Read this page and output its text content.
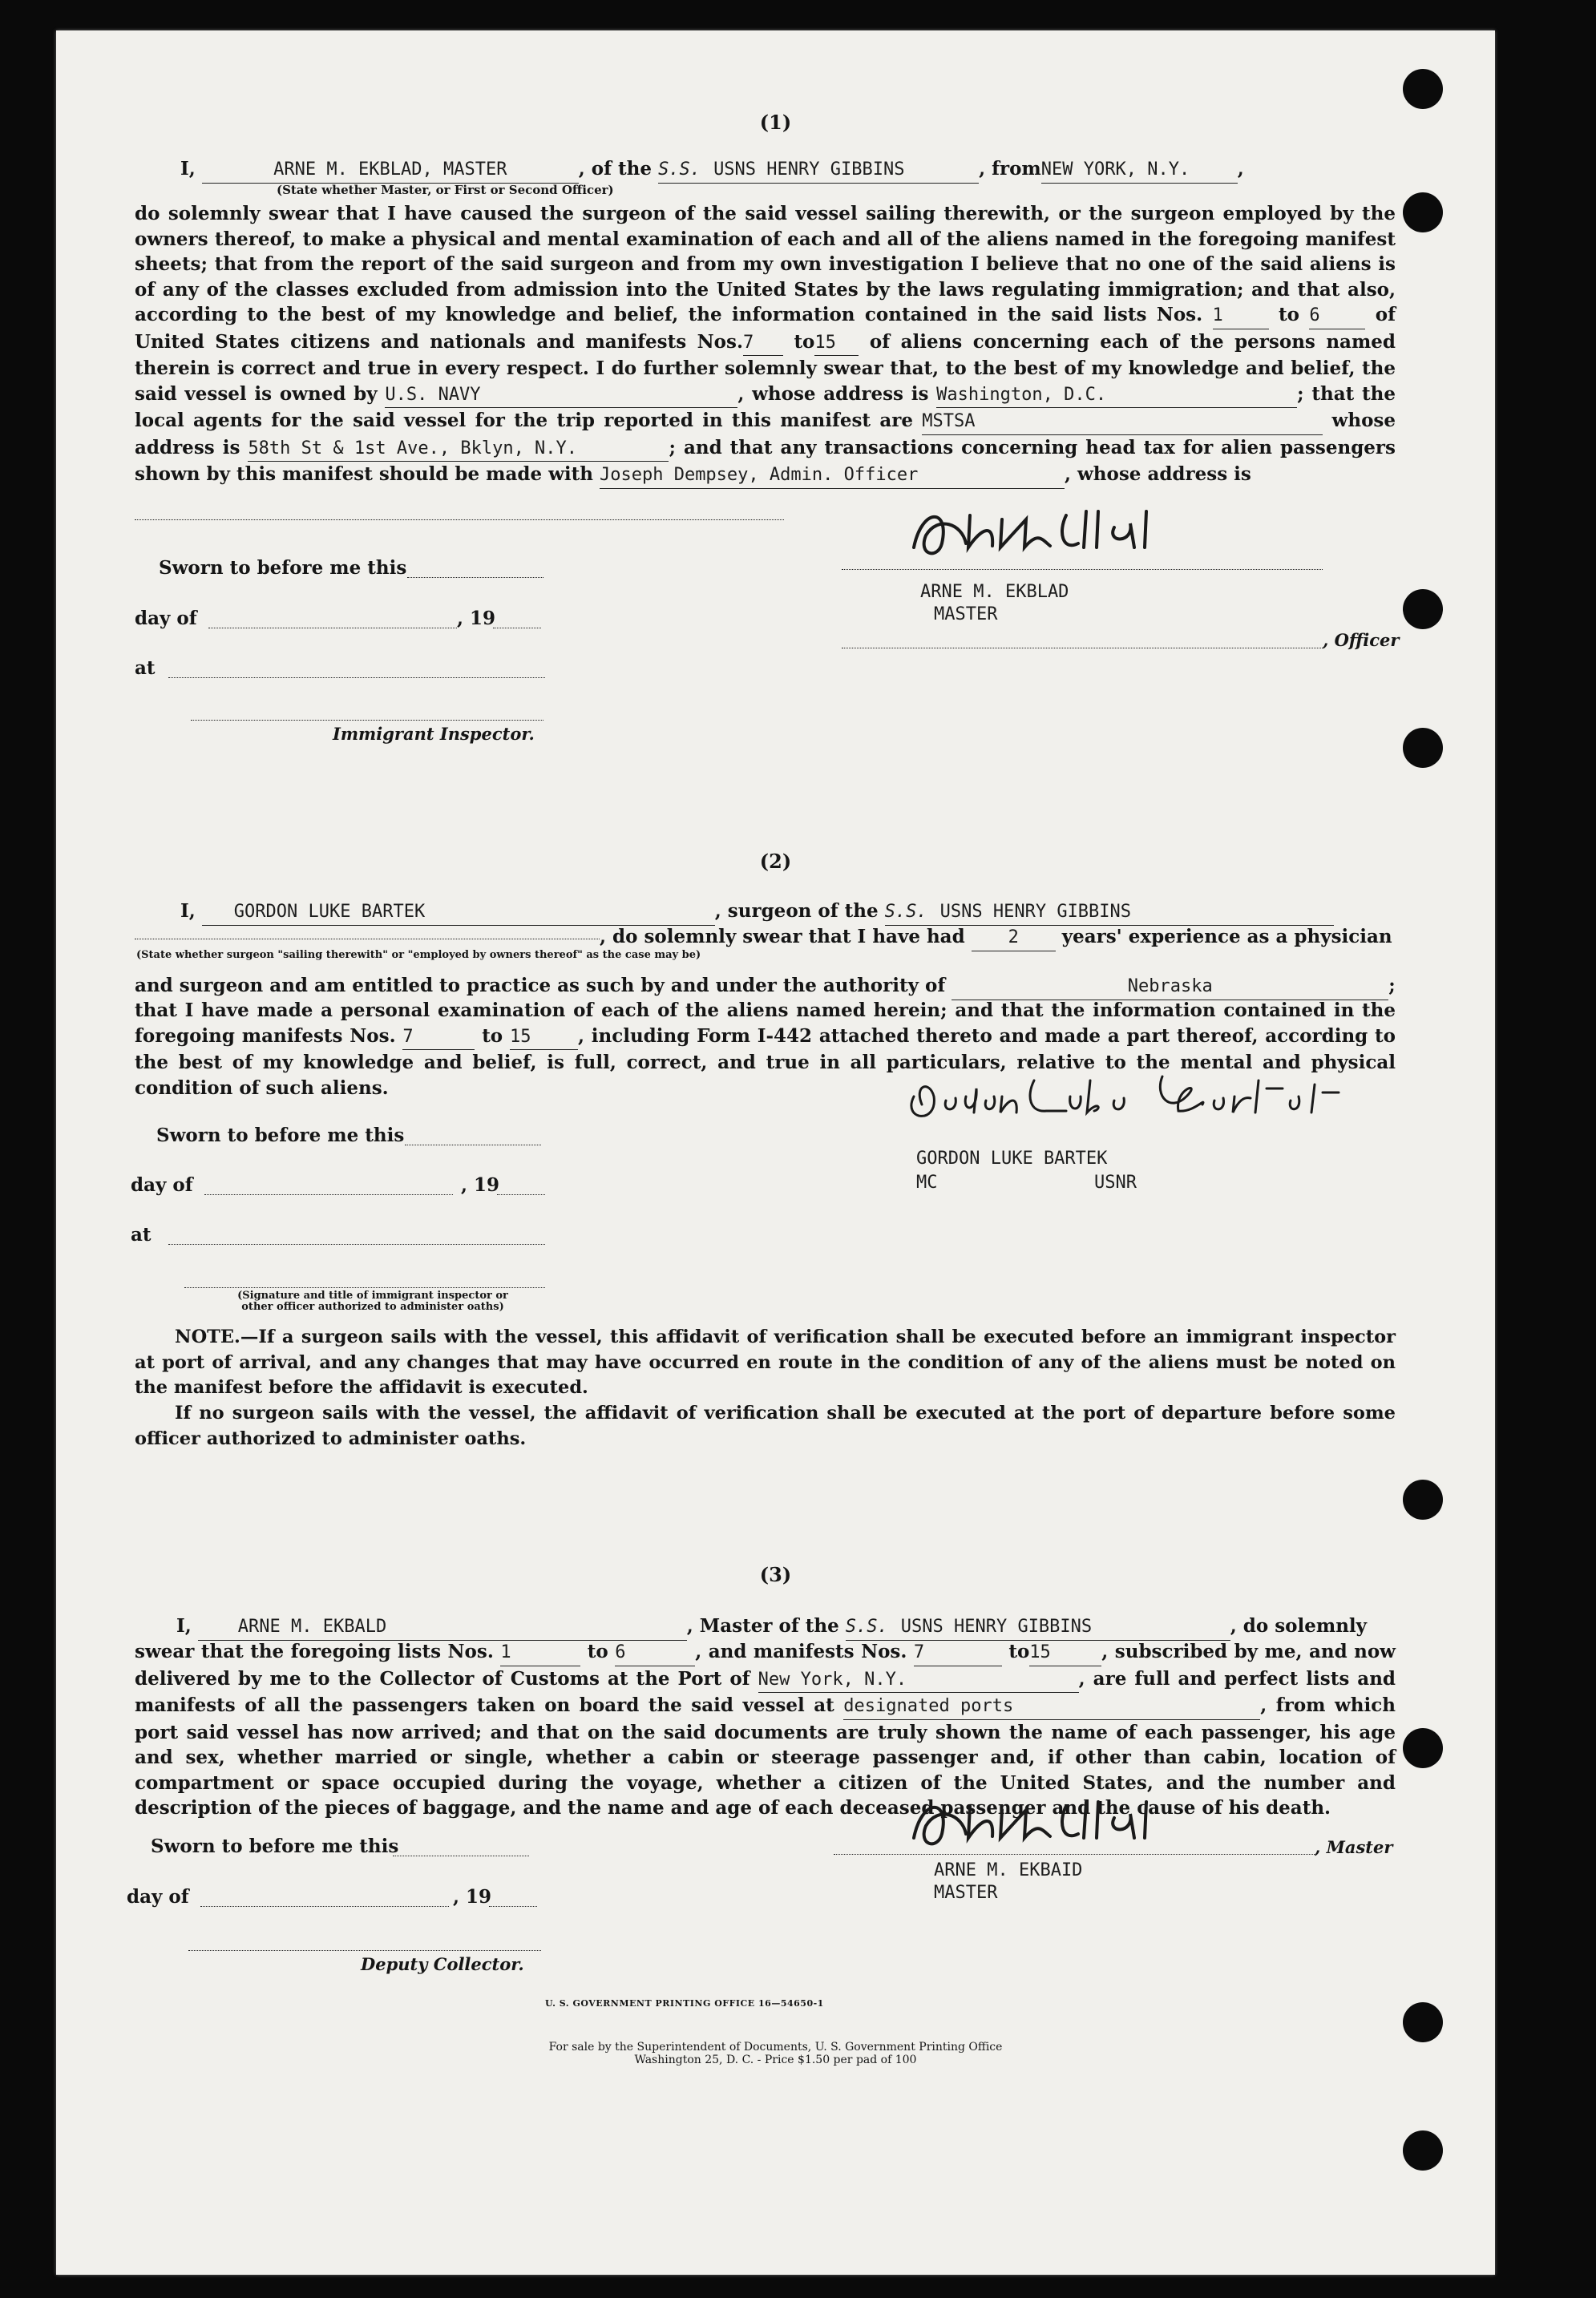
(1)
I,	ARNE M. EKBLAD, MASTER	, of the S.S. USNS HENRY GIBBINS	, fromNEW YORK, N.Y.	,
(State whether Master, or First or Second Officer)
do solemnly swear that I have caused the surgeon of the said vessel sailing therewith, or the surgeon employed by the owners thereof, to make a physical and mental examination of each and all of the aliens named in the foregoing manifest sheets; that from the report of the said surgeon and from my own investigation I believe that no one of the said aliens is of any of the classes excluded from admission into the United States by the laws regulating immigration; and that also, according to the best of my knowledge and belief, the information contained in the said lists Nos. 1	to 6	of United States citizens and nationals and manifests Nos.7 to15 of aliens concerning each of the persons named therein is correct and true in every respect. I do further solemnly swear that, to the best of my knowledge and belief, the said vessel is owned by U.S. NAVY	, whose address is Washington, D.C.	; that the local agents for the said vessel for the trip reported in this manifest are MSTSA	whose address is 58th St & 1st Ave., Bklyn, N.Y.	; and that any transactions concerning head tax for alien passengers shown by this manifest should be made with Joseph Dempsey, Admin. Officer	, whose address is
Sworn to before me this
day of	, 19
at
Immigrant Inspector.
ARNE M. EKBLAD
MASTER
, Officer
(2)
I, GORDON LUKE BARTEK	, surgeon of the S.S. USNS HENRY GIBBINS
, do solemnly swear that I have had 2 years' experience as a physician
(State whether surgeon "sailing therewith" or "employed by owners thereof" as the case may be)
and surgeon and am entitled to practice as such by and under the authority of	Nebraska	;
that I have made a personal examination of each of the aliens named herein; and that the information contained in the foregoing manifests Nos. 7	to 15	, including Form I-442 attached thereto and made a part thereof, according to the best of my knowledge and belief, is full, correct, and true in all particulars, relative to the mental and physical condition of such aliens.
Sworn to before me this
day of	, 19
at
(Signature and title of immigrant inspector or other officer authorized to administer oaths)
GORDON LUKE BARTEK
MC	USNR
NOTE.—If a surgeon sails with the vessel, this affidavit of verification shall be executed before an immigrant inspector at port of arrival, and any changes that may have occurred en route in the condition of any of the aliens must be noted on the manifest before the affidavit is executed.
If no surgeon sails with the vessel, the affidavit of verification shall be executed at the port of departure before some officer authorized to administer oaths.
(3)
I,	ARNE M. EKBALD	, Master of the S.S. USNS HENRY GIBBINS	, do solemnly
swear that the foregoing lists Nos. 1	to 6	, and manifests Nos. 7	to15	, subscribed by me, and now delivered by me to the Collector of Customs at the Port of New York, N.Y.	, are full and perfect lists and manifests of all the passengers taken on board the said vessel at designated ports	, from which port said vessel has now arrived; and that on the said documents are truly shown the name of each passenger, his age and sex, whether married or single, whether a cabin or steerage passenger and, if other than cabin, location of compartment or space occupied during the voyage, whether a citizen of the United States, and the number and description of the pieces of baggage, and the name and age of each deceased passenger and the cause of his death.
Sworn to before me this	, Master
ARNE M. EKBAID
MASTER
day of	, 19
Deputy Collector.
U. S. GOVERNMENT PRINTING OFFICE 16—54650-1
For sale by the Superintendent of Documents, U. S. Government Printing Office
Washington 25, D. C. - Price $1.50 per pad of 100
